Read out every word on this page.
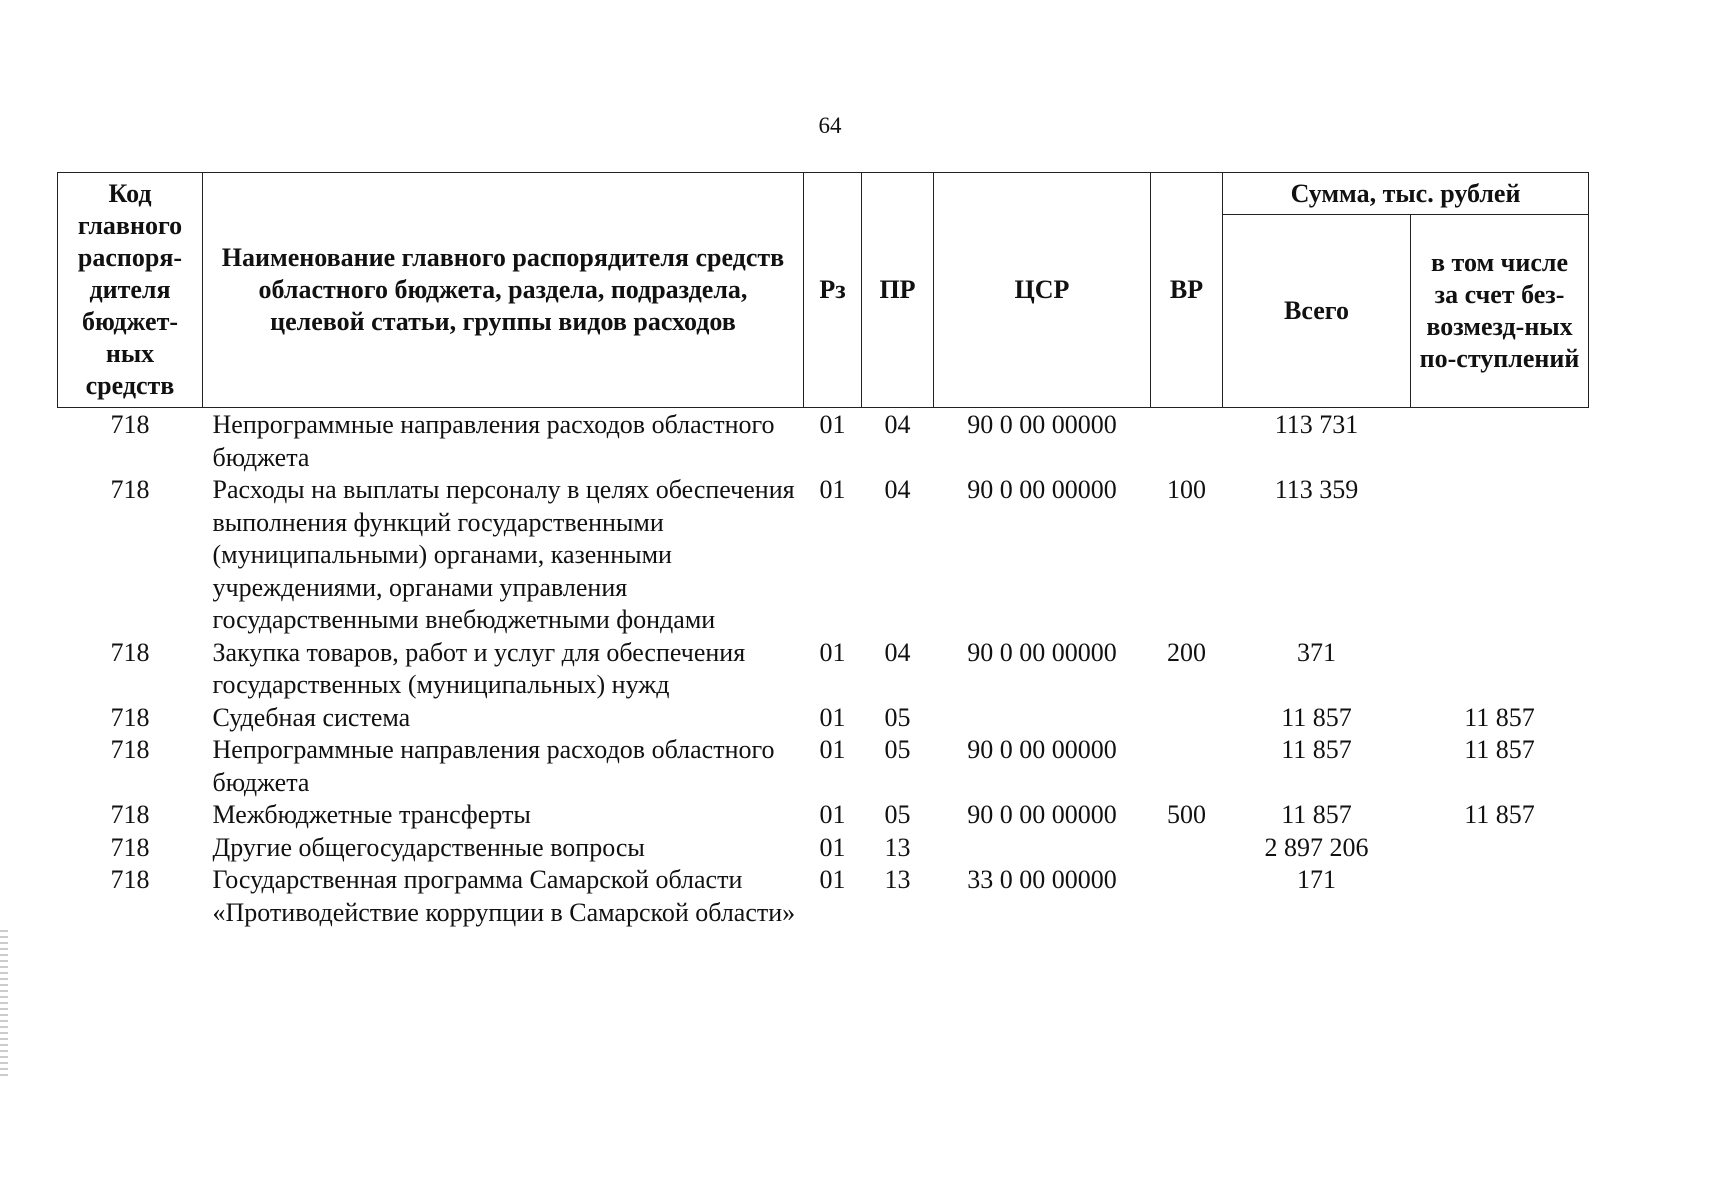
64
Код главного распоря-дителя бюджет-ных средств	Наименование главного распорядителя средств областного бюджета, раздела, подраздела, целевой статьи, группы видов расходов	Рз	ПР	ЦСР	ВР	Сумма, тыс. рублей	
						Всего	в том числе за счет без-возмезд-ных по-ступлений
718	Непрограммные направления расходов областного бюджета	01	04	90 0 00 00000		113 731	
718	Расходы на выплаты персоналу в целях обеспечения выполнения функций государственными (муниципальными) органами, казенными учреждениями, органами управления государственными внебюджетными фондами	01	04	90 0 00 00000	100	113 359	
718	Закупка товаров, работ и услуг для обеспечения государственных (муниципальных) нужд	01	04	90 0 00 00000	200	371	
718	Судебная система	01	05			11 857	11 857
718	Непрограммные направления расходов областного бюджета	01	05	90 0 00 00000		11 857	11 857
718	Межбюджетные трансферты	01	05	90 0 00 00000	500	11 857	11 857
718	Другие общегосударственные вопросы	01	13			2 897 206	
718	Государственная программа Самарской области «Противодействие коррупции в Самарской области»	01	13	33 0 00 00000		171	
